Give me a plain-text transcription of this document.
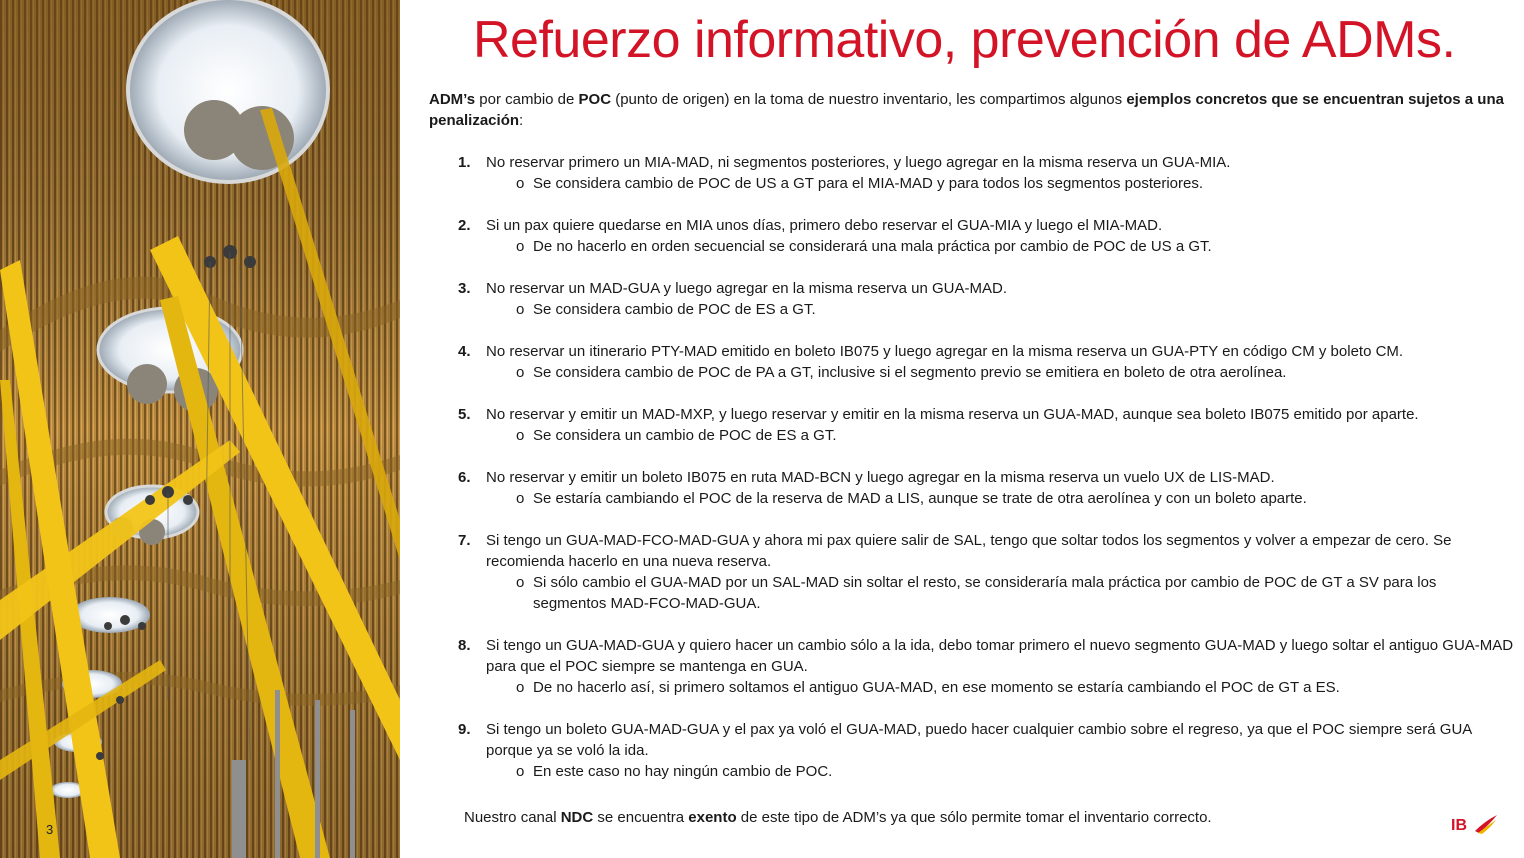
3
Refuerzo informativo, prevención de ADMs.
ADM’s por cambio de POC (punto de origen) en la toma de nuestro inventario, les compartimos algunos ejemplos concretos que se encuentran sujetos a una penalización:
1. No reservar primero un MIA-MAD, ni segmentos posteriores, y luego agregar en la misma reserva un GUA-MIA.
o Se considera cambio de POC de US a GT para el MIA-MAD y para todos los segmentos posteriores.
2. Si un pax quiere quedarse en MIA unos días, primero debo reservar el GUA-MIA y luego el MIA-MAD.
o De no hacerlo en orden secuencial se considerará una mala práctica por cambio de POC de US a GT.
3. No reservar un MAD-GUA y luego agregar en la misma reserva un GUA-MAD.
o Se considera cambio de POC de ES a GT.
4. No reservar un itinerario PTY-MAD emitido en boleto IB075 y luego agregar en la misma reserva un GUA-PTY en código CM y boleto CM.
o Se considera cambio de POC de PA a GT, inclusive si el segmento previo se emitiera en boleto de otra aerolínea.
5. No reservar y emitir un MAD-MXP, y luego reservar y emitir en la misma reserva un GUA-MAD, aunque sea boleto IB075 emitido por aparte.
o Se considera un cambio de POC de ES a GT.
6. No reservar y emitir un boleto IB075 en ruta MAD-BCN y luego agregar en la misma reserva un vuelo UX de LIS-MAD.
o Se estaría cambiando el POC de la reserva de MAD a LIS, aunque se trate de otra aerolínea y con un boleto aparte.
7. Si tengo un GUA-MAD-FCO-MAD-GUA y ahora mi pax quiere salir de SAL, tengo que soltar todos los segmentos y volver a empezar de cero. Se recomienda hacerlo en una nueva reserva.
o Si sólo cambio el GUA-MAD por un SAL-MAD sin soltar el resto, se consideraría mala práctica por cambio de POC de GT a SV para los segmentos MAD-FCO-MAD-GUA.
8. Si tengo un GUA-MAD-GUA y quiero hacer un cambio sólo a la ida, debo tomar primero el nuevo segmento GUA-MAD y luego soltar el antiguo GUA-MAD para que el POC siempre se mantenga en GUA.
o De no hacerlo así, si primero soltamos el antiguo GUA-MAD, en ese momento se estaría cambiando el POC de GT a ES.
9. Si tengo un boleto GUA-MAD-GUA y el pax ya voló el GUA-MAD, puedo hacer cualquier cambio sobre el regreso, ya que el POC siempre será GUA porque ya se voló la ida.
o En este caso no hay ningún cambio de POC.
Nuestro canal NDC se encuentra exento de este tipo de ADM’s ya que sólo permite tomar el inventario correcto.	IB
